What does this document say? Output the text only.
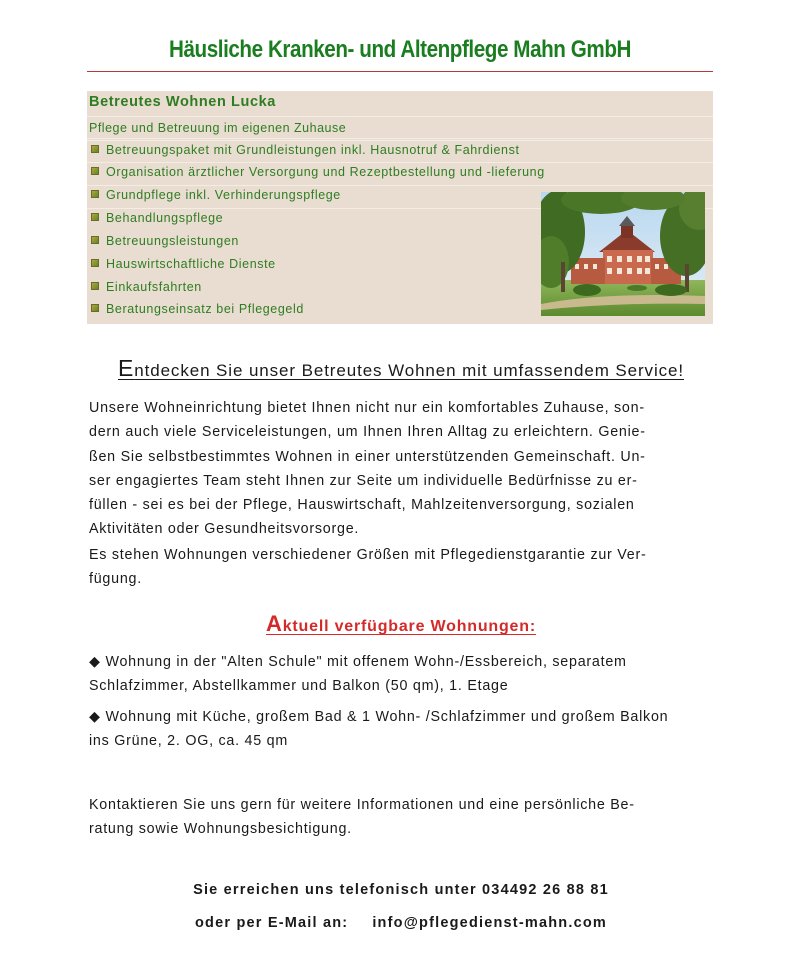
Häusliche Kranken- und Altenpflege Mahn GmbH
Betreutes Wohnen Lucka
Pflege und Betreuung im eigenen Zuhause
Betreuungspaket mit Grundleistungen inkl. Hausnotruf & Fahrdienst
Organisation ärztlicher Versorgung und Rezeptbestellung und -lieferung
Grundpflege inkl. Verhinderungspflege
Behandlungspflege
Betreuungsleistungen
Hauswirtschaftliche Dienste
Einkaufsfahrten
Beratungseinsatz bei Pflegegeld
Entdecken Sie unser Betreutes Wohnen mit umfassendem Service!
Unsere Wohneinrichtung bietet Ihnen nicht nur ein komfortables Zuhause, son-
dern auch viele Serviceleistungen, um Ihnen Ihren Alltag zu erleichtern. Genie-
ßen Sie selbstbestimmtes Wohnen in einer unterstützenden Gemeinschaft. Un-
ser engagiertes Team steht Ihnen zur Seite um individuelle Bedürfnisse zu er-
füllen - sei es bei der Pflege, Hauswirtschaft, Mahlzeitenversorgung, sozialen
Aktivitäten oder Gesundheitsvorsorge.
Es stehen Wohnungen verschiedener Größen mit Pflegedienstgarantie zur Ver-
fügung.
Aktuell verfügbare Wohnungen:
◆ Wohnung in der "Alten Schule" mit offenem Wohn-/Essbereich, separatem
Schlafzimmer, Abstellkammer und Balkon (50 qm), 1. Etage
◆ Wohnung mit Küche, großem Bad & 1 Wohn- /Schlafzimmer und großem Balkon
ins Grüne, 2. OG, ca. 45 qm
Kontaktieren Sie uns gern für weitere Informationen und eine persönliche Be-
ratung sowie Wohnungsbesichtigung.
Sie erreichen uns telefonisch unter 034492 26 88 81
oder per E-Mail an: info@pflegedienst-mahn.com
